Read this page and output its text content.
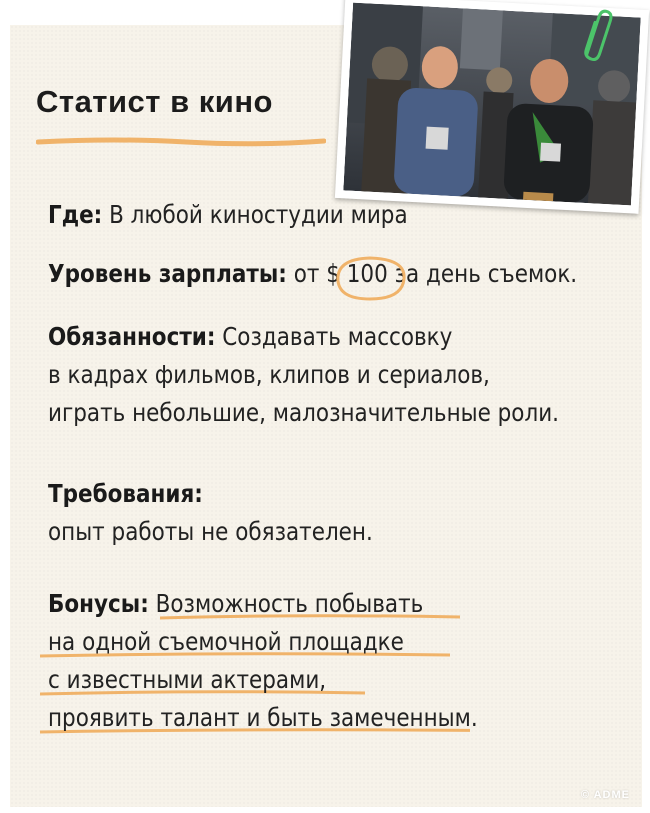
Статист в кино
Где: В любой киностудии мира
Уровень зарплаты: от $ 100 за день съемок.
Обязанности: Создавать массовку
в кадрах фильмов, клипов и сериалов,
играть небольшие, малозначительные роли.
Требования:
опыт работы не обязателен.
Бонусы: Возможность побывать
на одной съемочной площадке
с известными актерами,
проявить талант и быть замеченным.
© ADME
